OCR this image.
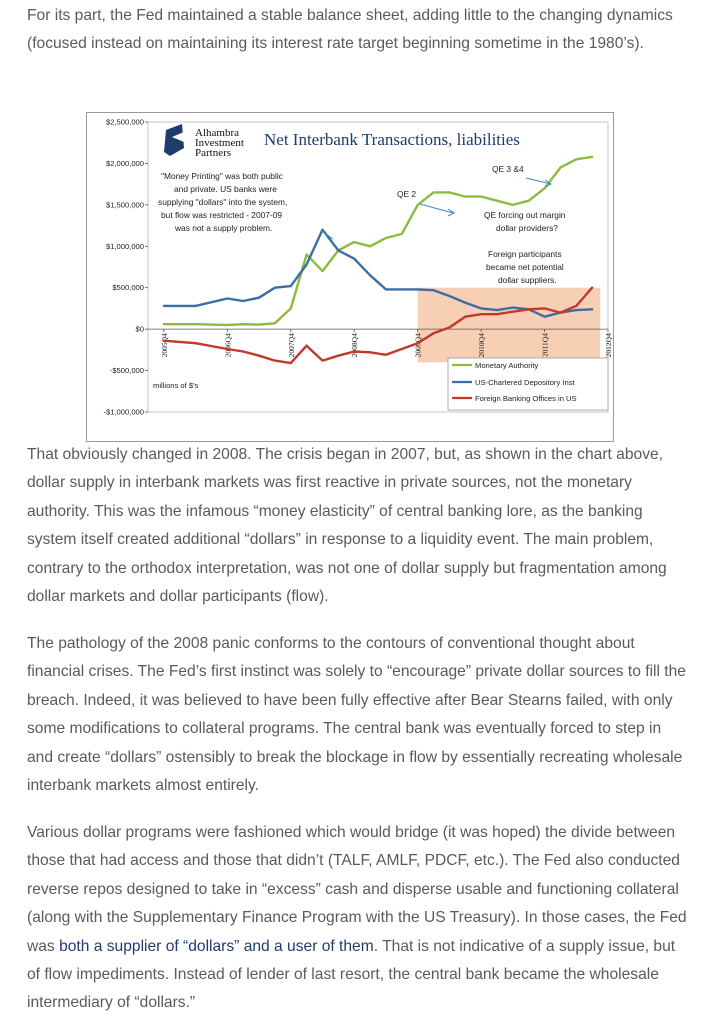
For its part, the Fed maintained a stable balance sheet, adding little to the changing dynamics (focused instead on maintaining its interest rate target beginning sometime in the 1980’s).

$2,500,000
$2,000,000
$1,500,000
$1,000,000
$500,000
$0
-$500,000
-$1,000,000
2005Q4	2006Q4	2007Q4	2008Q4	2009Q4	2010Q4	2011Q4	2012Q4
Alhambra
Investment
Partners
Net Interbank Transactions, liabilities
"Money Printing" was both public
and private. US banks were
supplying "dollars" into the system,
but flow was restricted - 2007-09
was not a supply problem.
QE 2
QE 3 &4
QE forcing out margin
dollar providers?
Foreign participants
became net potential
dollar suppliers.
millions of $'s
Monetary Authority
US-Chartered Depository Inst
Foreign Banking Offices in US

That obviously changed in 2008. The crisis began in 2007, but, as shown in the chart above, dollar supply in interbank markets was first reactive in private sources, not the monetary authority. This was the infamous “money elasticity” of central banking lore, as the banking system itself created additional “dollars” in response to a liquidity event. The main problem, contrary to the orthodox interpretation, was not one of dollar supply but fragmentation among dollar markets and dollar participants (flow).

The pathology of the 2008 panic conforms to the contours of conventional thought about financial crises. The Fed’s first instinct was solely to “encourage” private dollar sources to fill the breach. Indeed, it was believed to have been fully effective after Bear Stearns failed, with only some modifications to collateral programs. The central bank was eventually forced to step in and create “dollars” ostensibly to break the blockage in flow by essentially recreating wholesale interbank markets almost entirely.

Various dollar programs were fashioned which would bridge (it was hoped) the divide between those that had access and those that didn’t (TALF, AMLF, PDCF, etc.). The Fed also conducted reverse repos designed to take in “excess” cash and disperse usable and functioning collateral (along with the Supplementary Finance Program with the US Treasury). In those cases, the Fed was both a supplier of “dollars” and a user of them. That is not indicative of a supply issue, but of flow impediments. Instead of lender of last resort, the central bank became the wholesale intermediary of “dollars.”
